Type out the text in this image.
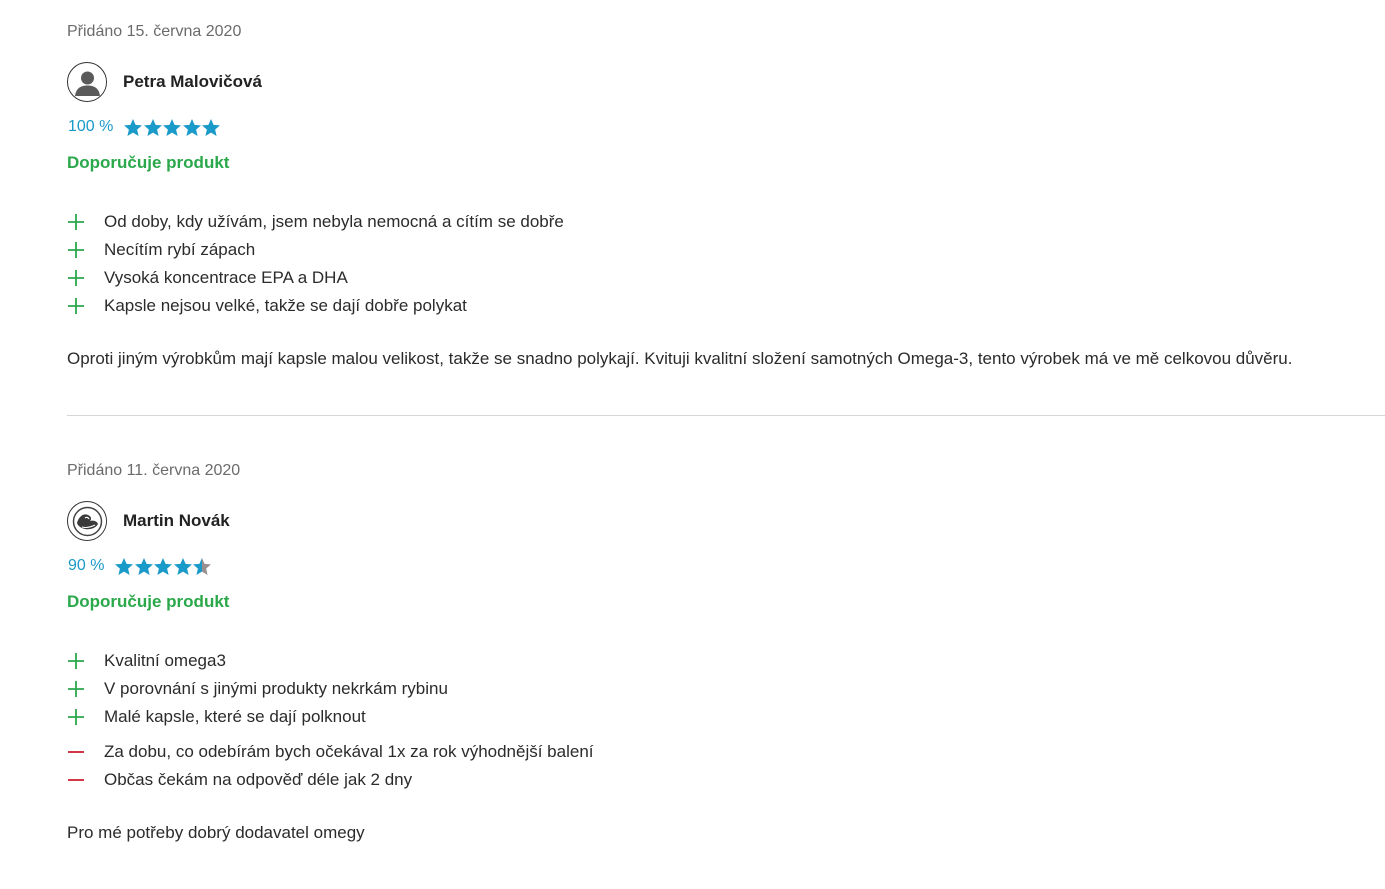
Přidáno 15. června 2020

Petra Malovičová
100 %
Doporučuje produkt
Od doby, kdy užívám, jsem nebyla nemocná a cítím se dobře
Necítím rybí zápach
Vysoká koncentrace EPA a DHA
Kapsle nejsou velké, takže se dají dobře polykat

Oproti jiným výrobkům mají kapsle malou velikost, takže se snadno polykají. Kvituji kvalitní složení samotných Omega-3, tento výrobek má ve mě celkovou důvěru.

Přidáno 11. června 2020

Martin Novák
90 %
Doporučuje produkt
Kvalitní omega3
V porovnání s jinými produkty nekrkám rybinu
Malé kapsle, které se dají polknout
Za dobu, co odebírám bych očekával 1x za rok výhodnější balení
Občas čekám na odpověď déle jak 2 dny

Pro mé potřeby dobrý dodavatel omegy
